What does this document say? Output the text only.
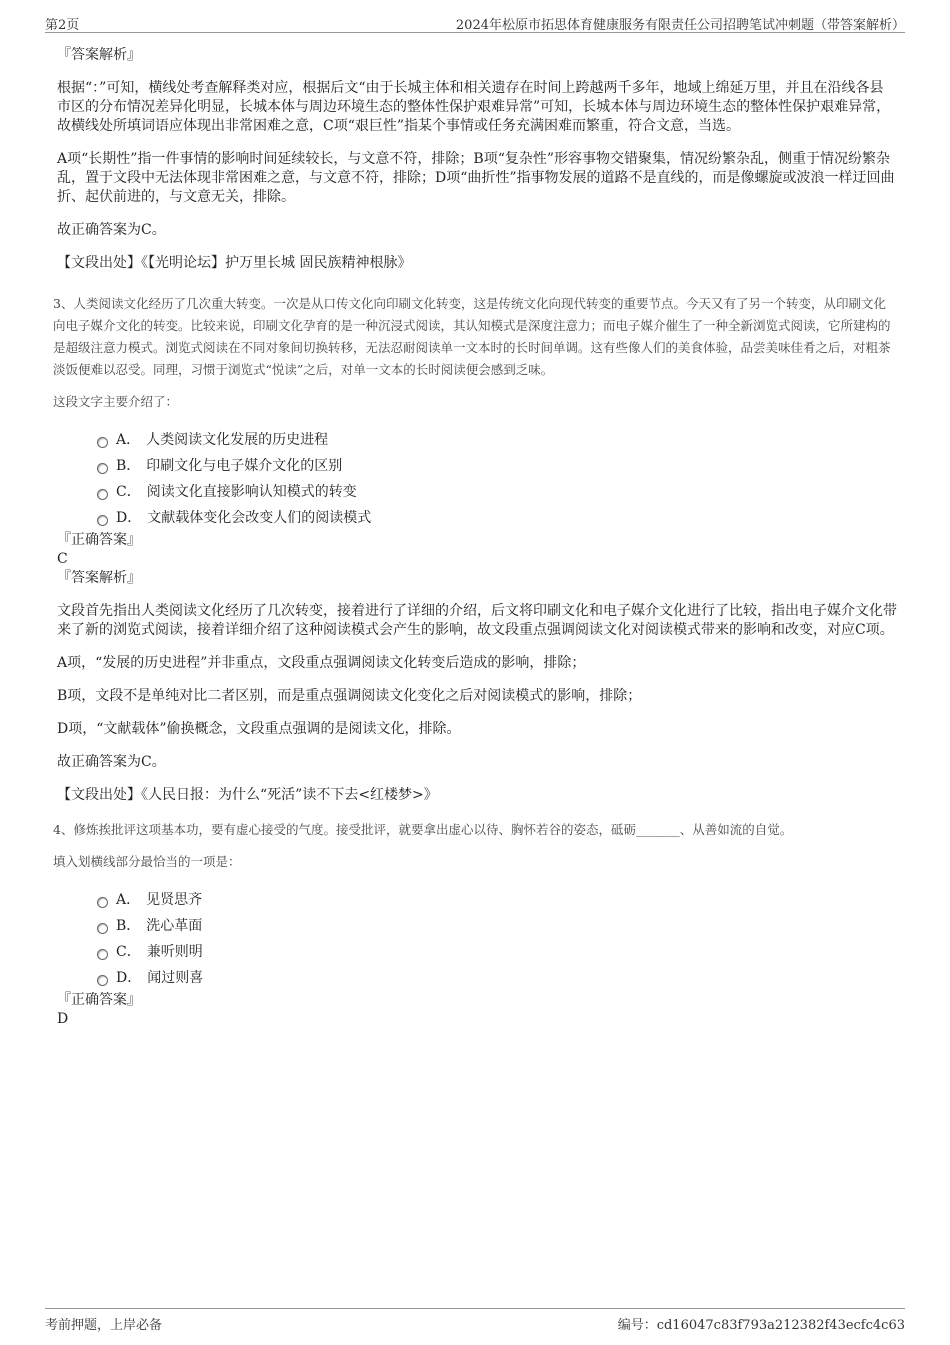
第2页	2024年松原市拓思体育健康服务有限责任公司招聘笔试冲刺题（带答案解析）

『答案解析』

根据“：”可知，横线处考查解释类对应，根据后文“由于长城主体和相关遗存在时间上跨越两千多年，地域上绵延万里，并且在沿线各县市区的分布情况差异化明显，长城本体与周边环境生态的整体性保护艰难异常”可知，长城本体与周边环境生态的整体性保护艰难异常，故横线处所填词语应体现出非常困难之意，C项“艰巨性”指某个事情或任务充满困难而繁重，符合文意，当选。

A项“长期性”指一件事情的影响时间延续较长，与文意不符，排除；B项“复杂性”形容事物交错聚集，情况纷繁杂乱，侧重于情况纷繁杂乱，置于文段中无法体现非常困难之意，与文意不符，排除；D项“曲折性”指事物发展的道路不是直线的，而是像螺旋或波浪一样迂回曲折、起伏前进的，与文意无关，排除。

故正确答案为C。

【文段出处】《【光明论坛】护万里长城 固民族精神根脉》

3、人类阅读文化经历了几次重大转变。一次是从口传文化向印刷文化转变，这是传统文化向现代转变的重要节点。今天又有了另一个转变，从印刷文化向电子媒介文化的转变。比较来说，印刷文化孕育的是一种沉浸式阅读，其认知模式是深度注意力；而电子媒介催生了一种全新浏览式阅读，它所建构的是超级注意力模式。浏览式阅读在不同对象间切换转移，无法忍耐阅读单一文本时的长时间单调。这有些像人们的美食体验，品尝美味佳肴之后，对粗茶淡饭便难以忍受。同理，习惯于浏览式“悦读”之后，对单一文本的长时阅读便会感到乏味。

这段文字主要介绍了：

A． 人类阅读文化发展的历史进程
B． 印刷文化与电子媒介文化的区别
C． 阅读文化直接影响认知模式的转变
D． 文献载体变化会改变人们的阅读模式

『正确答案』

C

『答案解析』

文段首先指出人类阅读文化经历了几次转变，接着进行了详细的介绍，后文将印刷文化和电子媒介文化进行了比较，指出电子媒介文化带来了新的浏览式阅读，接着详细介绍了这种阅读模式会产生的影响，故文段重点强调阅读文化对阅读模式带来的影响和改变，对应C项。

A项，“发展的历史进程”并非重点，文段重点强调阅读文化转变后造成的影响，排除；

B项，文段不是单纯对比二者区别，而是重点强调阅读文化变化之后对阅读模式的影响，排除；

D项，“文献载体”偷换概念，文段重点强调的是阅读文化，排除。

故正确答案为C。

【文段出处】《人民日报：为什么“死活”读不下去<红楼梦>》

4、修炼挨批评这项基本功，要有虚心接受的气度。接受批评，就要拿出虚心以待、胸怀若谷的姿态，砥砺_______、从善如流的自觉。

填入划横线部分最恰当的一项是：

A． 见贤思齐
B． 洗心革面
C． 兼听则明
D． 闻过则喜

『正确答案』

D

考前押题，上岸必备	编号：cd16047c83f793a212382f43ecfc4c63
